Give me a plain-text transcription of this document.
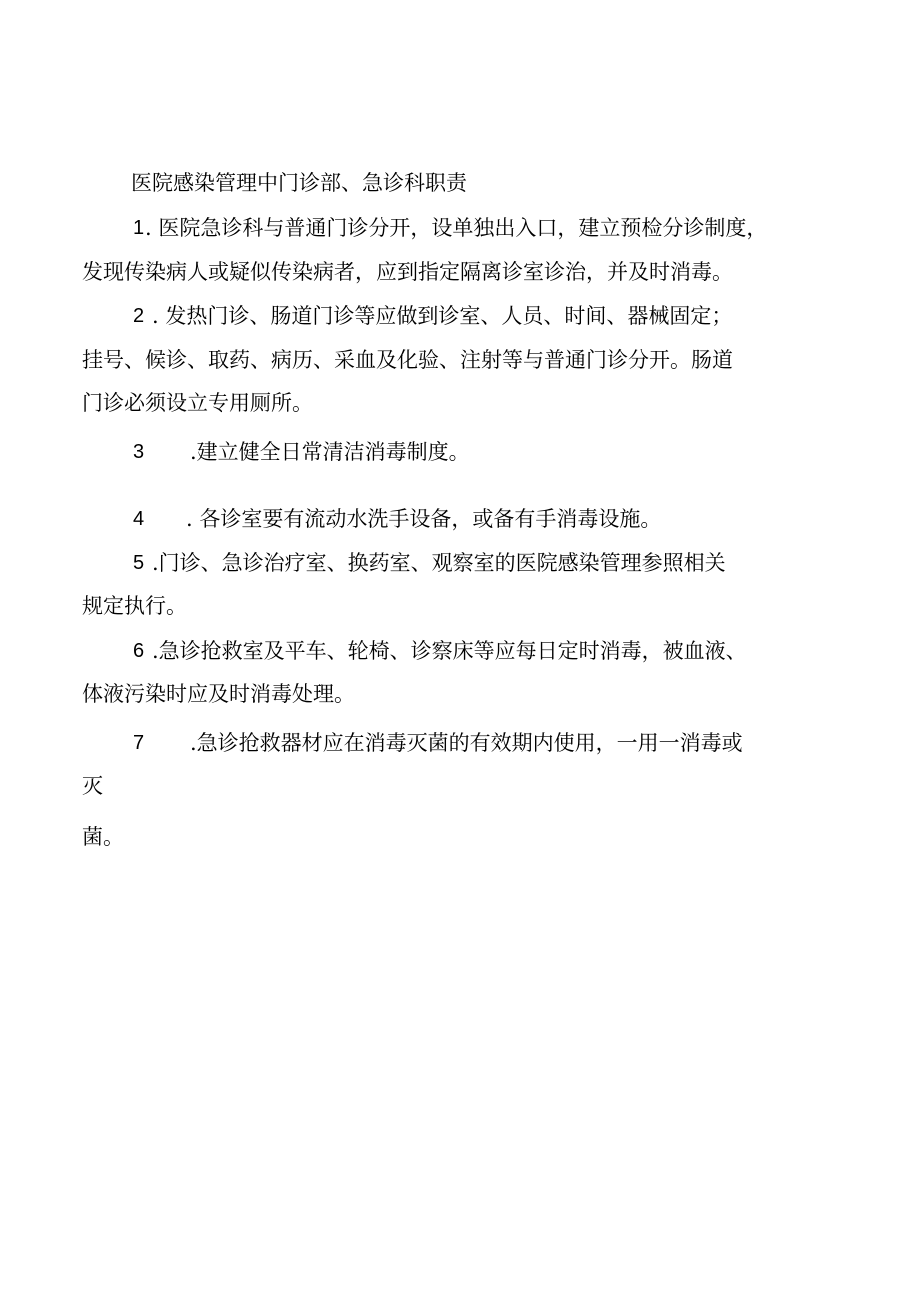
医院感染管理中门诊部、急诊科职责
1 . 医院急诊科与普通门诊分开，设单独出入口，建立预检分诊制度，
发现传染病人或疑似传染病者，应到指定隔离诊室诊治，并及时消毒。
2 . 发热门诊、肠道门诊等应做到诊室、人员、时间、器械固定；
挂号、候诊、取药、病历、采血及化验、注射等与普通门诊分开。肠道
门诊必须设立专用厕所。
3 .建立健全日常清洁消毒制度。
4 . 各诊室要有流动水洗手设备，或备有手消毒设施。
5 .门诊、急诊治疗室、换药室、观察室的医院感染管理参照相关
规定执行。
6 .急诊抢救室及平车、轮椅、诊察床等应每日定时消毒，被血液、
体液污染时应及时消毒处理。
7 .急诊抢救器材应在消毒灭菌的有效期内使用，一用一消毒或
灭
菌。
